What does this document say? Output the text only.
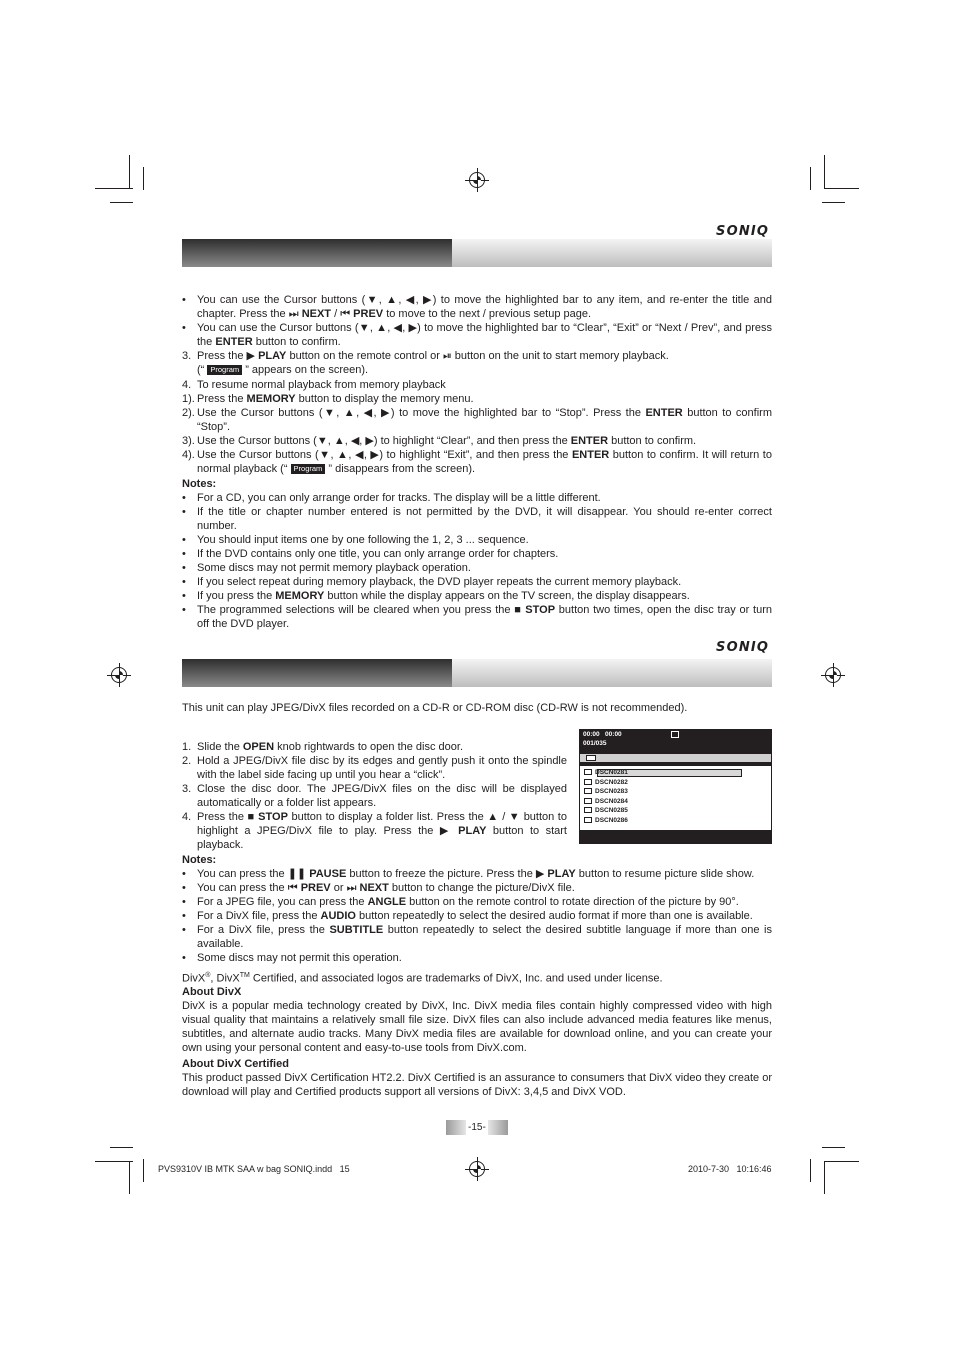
SONIQ
• You can use the Cursor buttons (▼, ▲, ◀, ▶) to move the highlighted bar to any item, and re-enter the title and chapter. Press the ⏭ NEXT / ⏮ PREV to move to the next / previous setup page.
• You can use the Cursor buttons (▼, ▲, ◀, ▶) to move the highlighted bar to “Clear”, “Exit” or “Next / Prev”, and press the ENTER button to confirm.
3. Press the ▶ PLAY button on the remote control or ⏯ button on the unit to start memory playback.
(“ Program ” appears on the screen).
4. To resume normal playback from memory playback
1). Press the MEMORY button to display the memory menu.
2). Use the Cursor buttons (▼, ▲, ◀, ▶) to move the highlighted bar to “Stop”. Press the ENTER button to confirm “Stop”.
3). Use the Cursor buttons (▼, ▲, ◀, ▶) to highlight “Clear”, and then press the ENTER button to confirm.
4). Use the Cursor buttons (▼, ▲, ◀, ▶) to highlight “Exit”, and then press the ENTER button to confirm. It will return to normal playback (“ Program ” disappears from the screen).
Notes:
• For a CD, you can only arrange order for tracks. The display will be a little different.
• If the title or chapter number entered is not permitted by the DVD, it will disappear. You should re-enter correct number.
• You should input items one by one following the 1, 2, 3 ... sequence.
• If the DVD contains only one title, you can only arrange order for chapters.
• Some discs may not permit memory playback operation.
• If you select repeat during memory playback, the DVD player repeats the current memory playback.
• If you press the MEMORY button while the display appears on the TV screen, the display disappears.
• The programmed selections will be cleared when you press the ■ STOP button two times, open the disc tray or turn off the DVD player.
SONIQ
This unit can play JPEG/DivX files recorded on a CD-R or CD-ROM disc (CD-RW is not recommended).
00:00 00:00
001/035
DSCN0281
DSCN0282
DSCN0283
DSCN0284
DSCN0285
DSCN0286
1. Slide the OPEN knob rightwards to open the disc door.
2. Hold a JPEG/DivX file disc by its edges and gently push it onto the spindle with the label side facing up until you hear a “click”.
3. Close the disc door. The JPEG/DivX files on the disc will be displayed automatically or a folder list appears.
4. Press the ■ STOP button to display a folder list. Press the ▲ / ▼ button to highlight a JPEG/DivX file to play. Press the ▶ PLAY button to start playback.
Notes:
• You can press the ❚❚ PAUSE button to freeze the picture. Press the ▶ PLAY button to resume picture slide show.
• You can press the ⏮ PREV or ⏭ NEXT button to change the picture/DivX file.
• For a JPEG file, you can press the ANGLE button on the remote control to rotate direction of the picture by 90°.
• For a DivX file, press the AUDIO button repeatedly to select the desired audio format if more than one is available.
• For a DivX file, press the SUBTITLE button repeatedly to select the desired subtitle language if more than one is available.
• Some discs may not permit this operation.
DivX®, DivX™ Certified, and associated logos are trademarks of DivX, Inc. and used under license.
About DivX
DivX is a popular media technology created by DivX, Inc. DivX media files contain highly compressed video with high visual quality that maintains a relatively small file size. DivX files can also include advanced media features like menus, subtitles, and alternate audio tracks. Many DivX media files are available for download online, and you can create your own using your personal content and easy-to-use tools from DivX.com.
About DivX Certified
This product passed DivX Certification HT2.2. DivX Certified is an assurance to consumers that DivX video they create or download will play and Certified products support all versions of DivX: 3,4,5 and DivX VOD.
-15-
PVS9310V IB MTK SAA w bag SONIQ.indd   15	2010-7-30   10:16:46
